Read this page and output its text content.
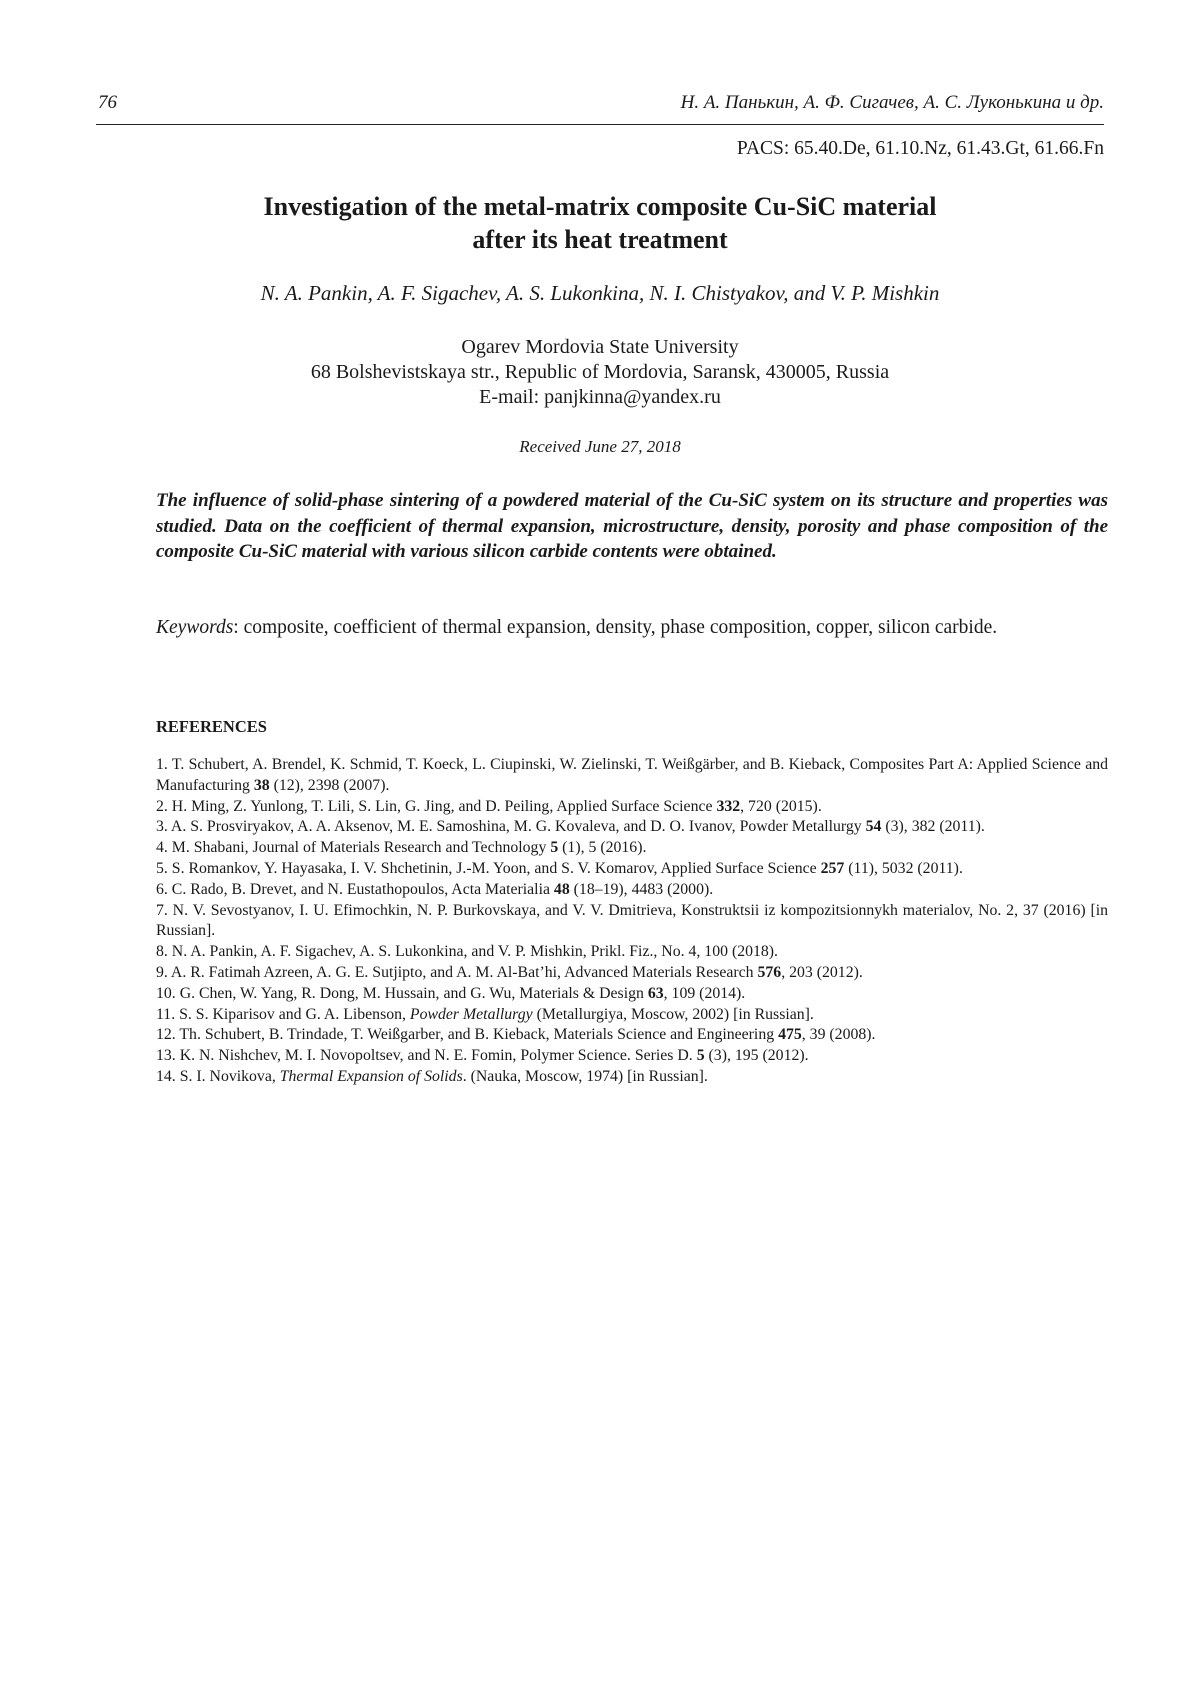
76	Н. А. Панькин, А. Ф. Сигачев, А. С. Луконькина и др.
PACS: 65.40.De, 61.10.Nz, 61.43.Gt, 61.66.Fn
Investigation of the metal-matrix composite Cu-SiC material
after its heat treatment
N. A. Pankin, A. F. Sigachev, A. S. Lukonkina, N. I. Chistyakov, and V. P. Mishkin
Ogarev Mordovia State University
68 Bolshevistskaya str., Republic of Mordovia, Saransk, 430005, Russia
E-mail: panjkinna@yandex.ru
Received June 27, 2018

The influence of solid-phase sintering of a powdered material of the Cu-SiC system on its structure and properties was studied. Data on the coefficient of thermal expansion, microstructure, density, porosity and phase composition of the composite Cu-SiC material with various silicon carbide contents were obtained.

Keywords: composite, coefficient of thermal expansion, density, phase composition, copper, silicon carbide.

REFERENCES
1. T. Schubert, A. Brendel, K. Schmid, T. Koeck, L. Ciupinski, W. Zielinski, T. Weißgärber, and B. Kieback, Composites Part A: Applied Science and Manufacturing 38 (12), 2398 (2007).
2. H. Ming, Z. Yunlong, T. Lili, S. Lin, G. Jing, and D. Peiling, Applied Surface Science 332, 720 (2015).
3. A. S. Prosviryakov, A. A. Aksenov, M. E. Samoshina, M. G. Kovaleva, and D. O. Ivanov, Powder Metallurgy 54 (3), 382 (2011).
4. M. Shabani, Journal of Materials Research and Technology 5 (1), 5 (2016).
5. S. Romankov, Y. Hayasaka, I. V. Shchetinin, J.-M. Yoon, and S. V. Komarov, Applied Surface Science 257 (11), 5032 (2011).
6. C. Rado, B. Drevet, and N. Eustathopoulos, Acta Materialia 48 (18–19), 4483 (2000).
7. N. V. Sevostyanov, I. U. Efimochkin, N. P. Burkovskaya, and V. V. Dmitrieva, Konstruktsii iz kompozitsionnykh materialov, No. 2, 37 (2016) [in Russian].
8. N. A. Pankin, A. F. Sigachev, A. S. Lukonkina, and V. P. Mishkin, Prikl. Fiz., No. 4, 100 (2018).
9. A. R. Fatimah Azreen, A. G. E. Sutjipto, and A. M. Al-Bat’hi, Advanced Materials Research 576, 203 (2012).
10. G. Chen, W. Yang, R. Dong, M. Hussain, and G. Wu, Materials & Design 63, 109 (2014).
11. S. S. Kiparisov and G. A. Libenson, Powder Metallurgy (Metallurgiya, Moscow, 2002) [in Russian].
12. Th. Schubert, B. Trindade, T. Weißgarber, and B. Kieback, Materials Science and Engineering 475, 39 (2008).
13. K. N. Nishchev, M. I. Novopoltsev, and N. E. Fomin, Polymer Science. Series D. 5 (3), 195 (2012).
14. S. I. Novikova, Thermal Expansion of Solids. (Nauka, Moscow, 1974) [in Russian].
